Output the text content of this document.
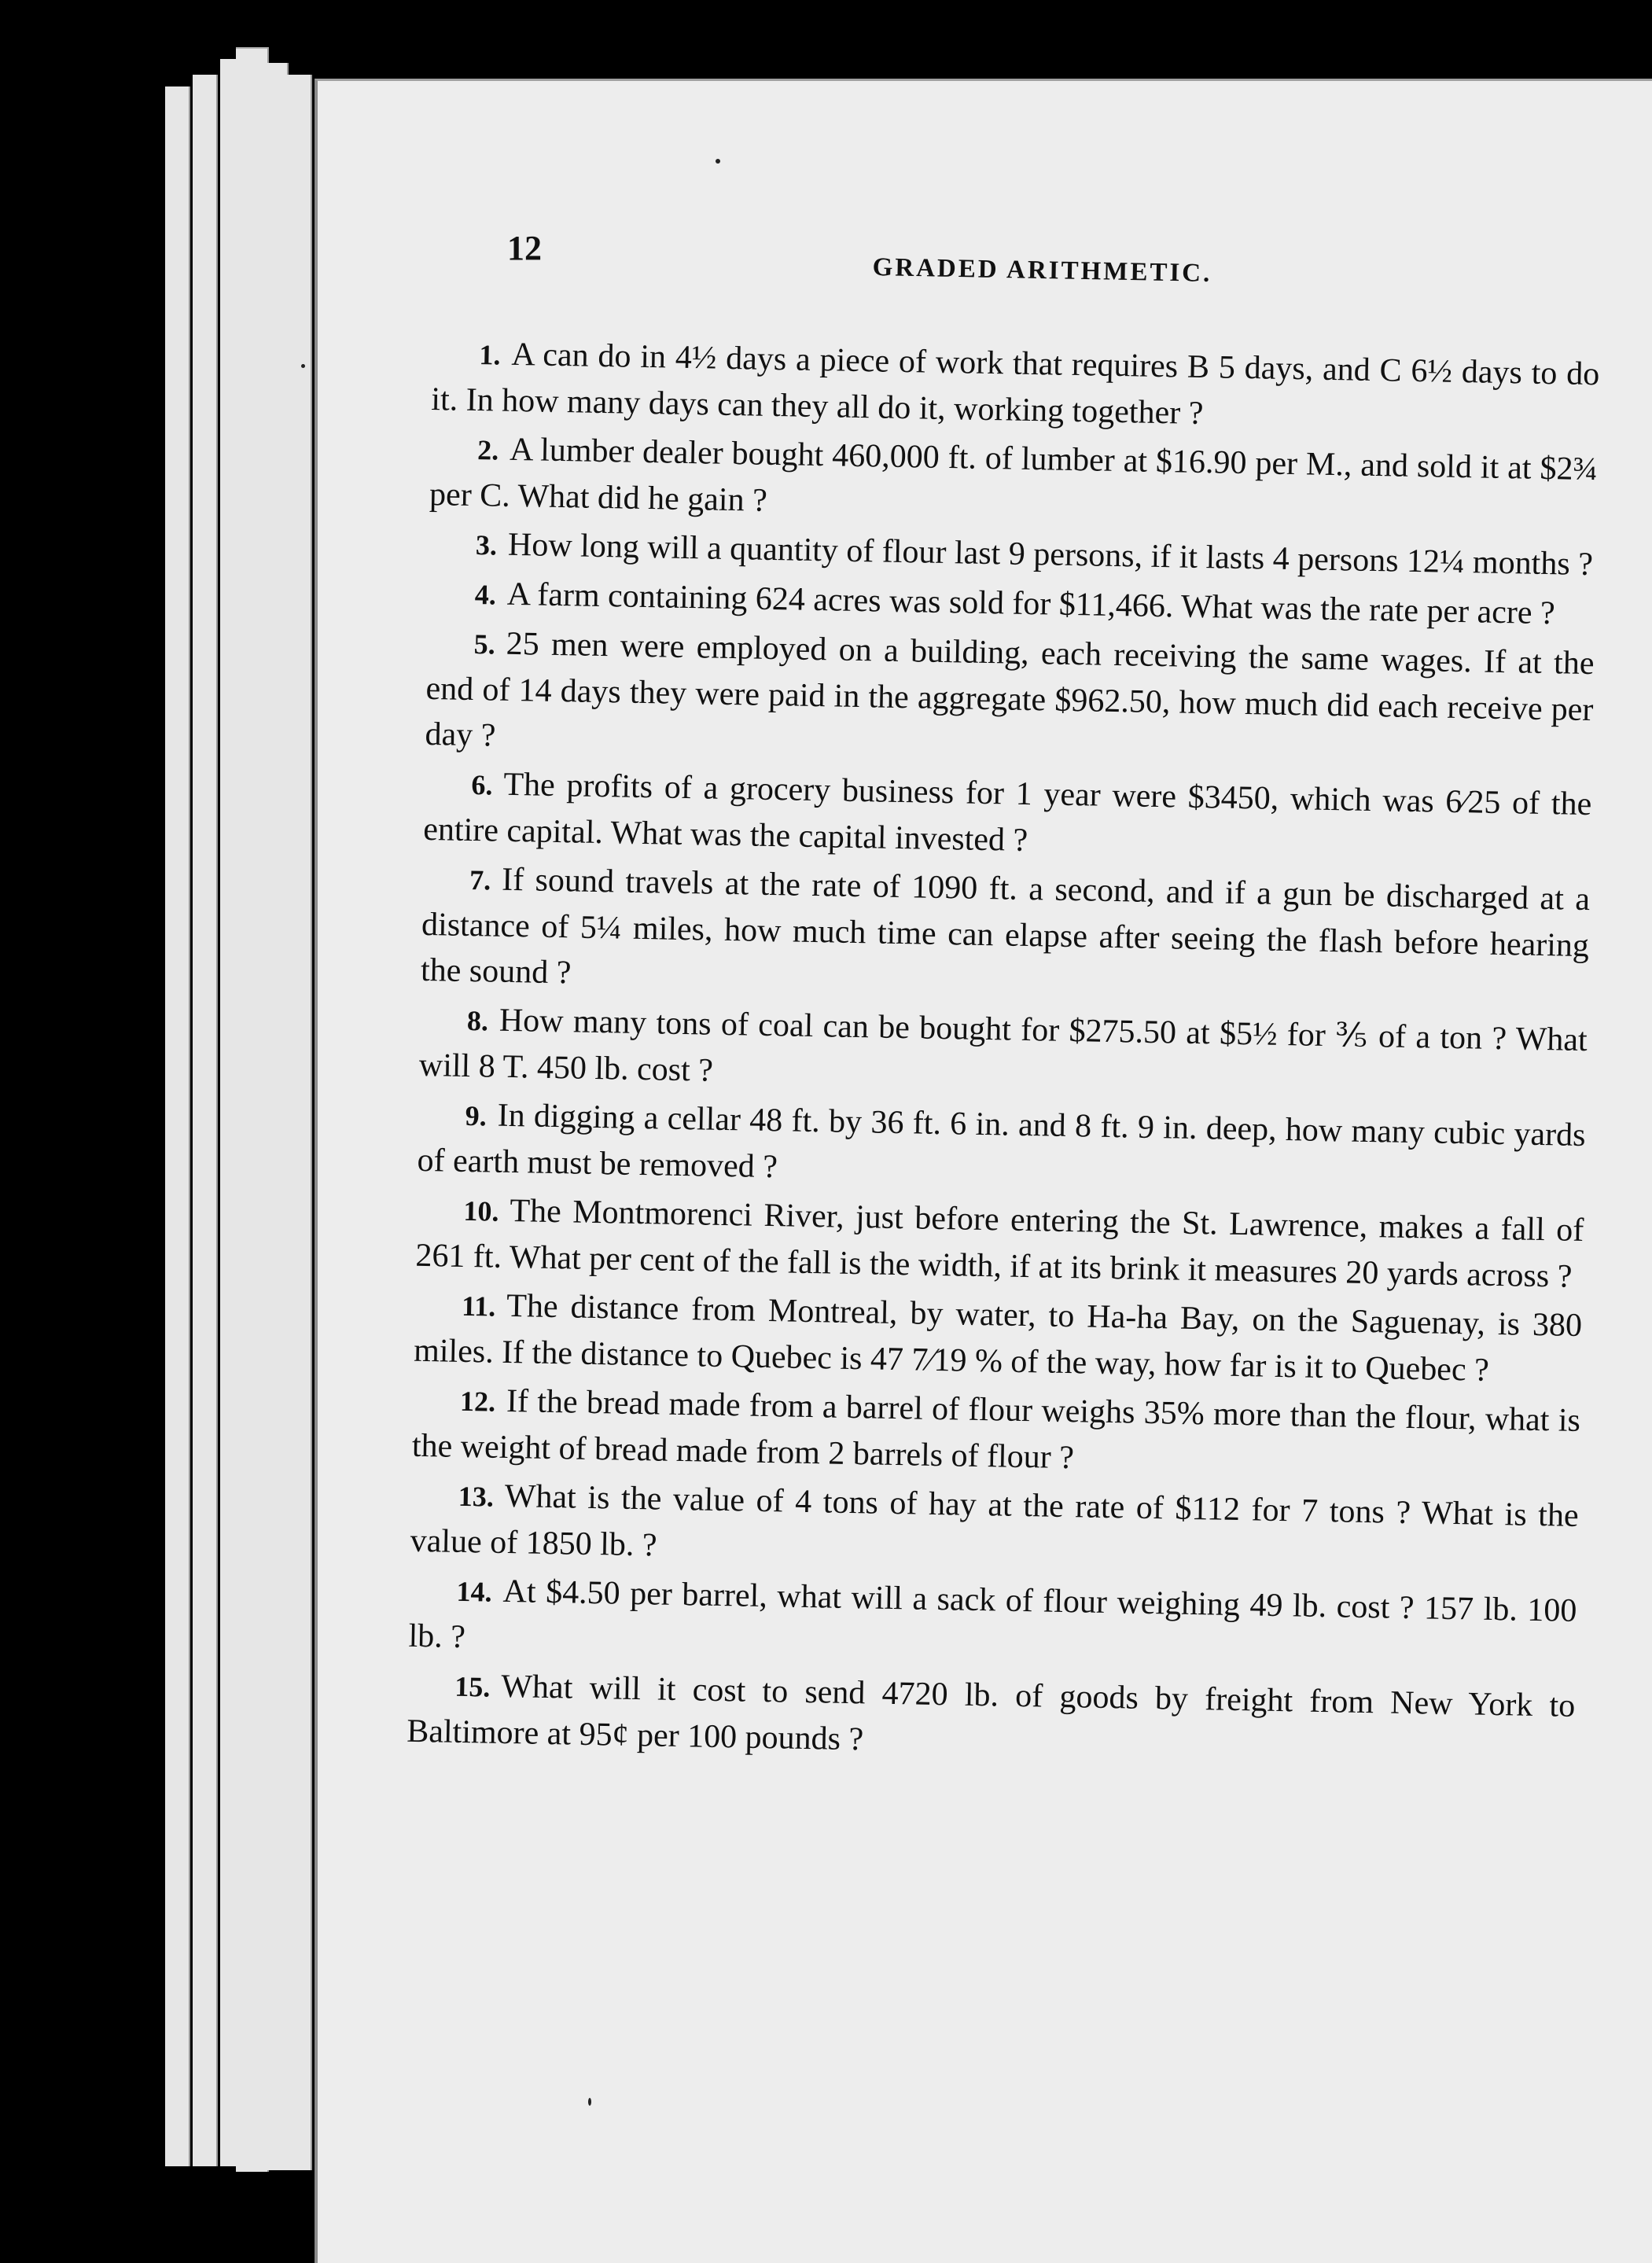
12
GRADED ARITHMETIC.

1. A can do in 4½ days a piece of work that requires B 5 days, and C 6½ days to do it. In how many days can they all do it, working together ?

2. A lumber dealer bought 460,000 ft. of lumber at $16.90 per M., and sold it at $2¾ per C. What did he gain ?

3. How long will a quantity of flour last 9 persons, if it lasts 4 persons 12¼ months ?

4. A farm containing 624 acres was sold for $11,466. What was the rate per acre ?

5. 25 men were employed on a building, each receiving the same wages. If at the end of 14 days they were paid in the aggregate $962.50, how much did each receive per day ?

6. The profits of a grocery business for 1 year were $3450, which was 6⁄25 of the entire capital. What was the capital invested ?

7. If sound travels at the rate of 1090 ft. a second, and if a gun be discharged at a distance of 5¼ miles, how much time can elapse after seeing the flash before hearing the sound ?

8. How many tons of coal can be bought for $275.50 at $5½ for ⅗ of a ton ? What will 8 T. 450 lb. cost ?

9. In digging a cellar 48 ft. by 36 ft. 6 in. and 8 ft. 9 in. deep, how many cubic yards of earth must be removed ?

10. The Montmorenci River, just before entering the St. Lawrence, makes a fall of 261 ft. What per cent of the fall is the width, if at its brink it measures 20 yards across ?

11. The distance from Montreal, by water, to Ha-ha Bay, on the Saguenay, is 380 miles. If the distance to Quebec is 47 7⁄19 % of the way, how far is it to Quebec ?

12. If the bread made from a barrel of flour weighs 35% more than the flour, what is the weight of bread made from 2 barrels of flour ?

13. What is the value of 4 tons of hay at the rate of $112 for 7 tons ? What is the value of 1850 lb. ?

14. At $4.50 per barrel, what will a sack of flour weighing 49 lb. cost ? 157 lb. 100 lb. ?

15. What will it cost to send 4720 lb. of goods by freight from New York to Baltimore at 95¢ per 100 pounds ?
